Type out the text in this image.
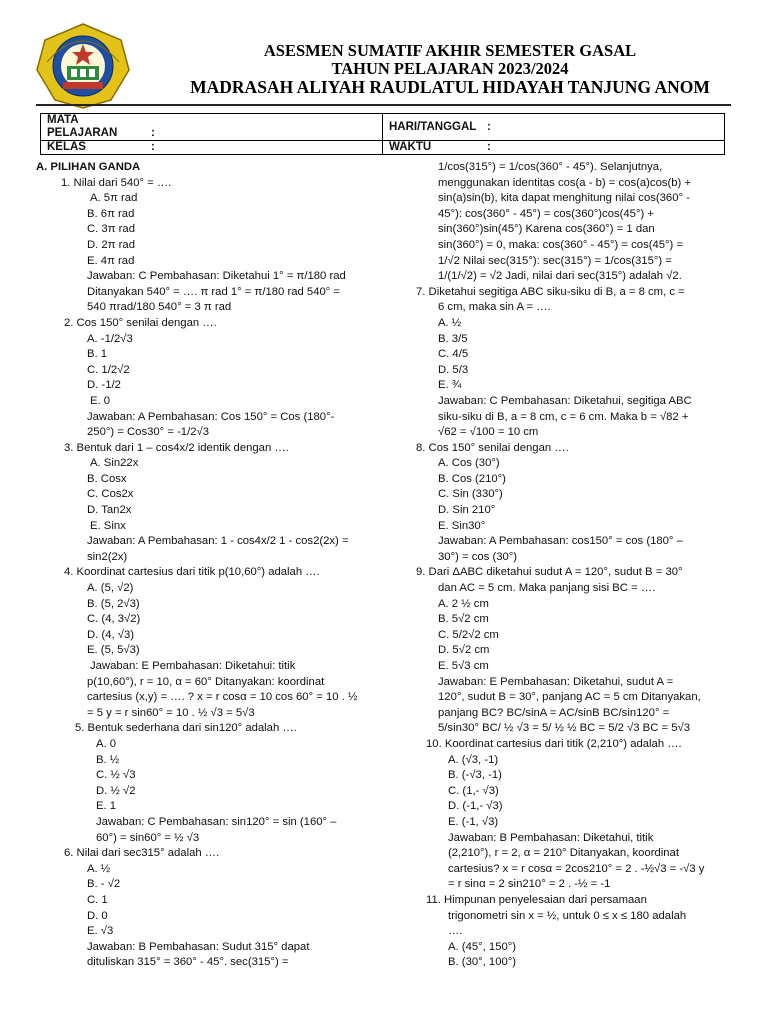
ASESMEN SUMATIF AKHIR SEMESTER GASAL
TAHUN PELAJARAN 2023/2024
MADRASAH ALIYAH RAUDLATUL HIDAYAH TANJUNG ANOM
MATA PELAJARAN :	HARI/TANGGAL :
KELAS :	WAKTU :
A. PILIHAN GANDA
1. Nilai dari 540° = ….
A. 5π rad
B. 6π rad
C. 3π rad
D. 2π rad
E. 4π rad
Jawaban: C Pembahasan: Diketahui 1° = π/180 rad
Ditanyakan 540° = …. π rad 1° = π/180 rad 540° =
540 πrad/180 540° = 3 π rad
2. Cos 150° senilai dengan ….
A. -1/2√3
B. 1
C. 1/2√2
D. -1/2
E. 0
Jawaban: A Pembahasan: Cos 150° = Cos (180°-
250°) = Cos30° = -1/2√3
3. Bentuk dari 1 – cos4x/2 identik dengan ….
A. Sin22x
B. Cosx
C. Cos2x
D. Tan2x
E. Sinx
Jawaban: A Pembahasan: 1 - cos4x/2 1 - cos2(2x) =
sin2(2x)
4. Koordinat cartesius dari titik p(10,60°) adalah ….
A. (5, √2)
B. (5, 2√3)
C. (4, 3√2)
D. (4, √3)
E. (5, 5√3)
Jawaban: E Pembahasan: Diketahui: titik
p(10,60°), r = 10, α = 60° Ditanyakan: koordinat
cartesius (x,y) = …. ? x = r cosα = 10 cos 60° = 10 . ½
= 5 y = r sin60° = 10 . ½ √3 = 5√3
5. Bentuk sederhana dari sin120° adalah ….
A. 0
B. ½
C. ½ √3
D. ½ √2
E. 1
Jawaban: C Pembahasan: sin120° = sin (160° –
60°) = sin60° = ½ √3
6. Nilai dari sec315° adalah ….
A. ½
B. - √2
C. 1
D. 0
E. √3
Jawaban: B Pembahasan: Sudut 315° dapat
dituliskan 315° = 360° - 45°. sec(315°) =
1/cos(315°) = 1/cos(360° - 45°). Selanjutnya,
menggunakan identitas cos(a - b) = cos(a)cos(b) +
sin(a)sin(b), kita dapat menghitung nilai cos(360° -
45°): cos(360° - 45°) = cos(360°)cos(45°) +
sin(360°)sin(45°) Karena cos(360°) = 1 dan
sin(360°) = 0, maka: cos(360° - 45°) = cos(45°) =
1/√2 Nilai sec(315°): sec(315°) = 1/cos(315°) =
1/(1/√2) = √2 Jadi, nilai dari sec(315°) adalah √2.
7. Diketahui segitiga ABC siku-siku di B, a = 8 cm, c =
6 cm, maka sin A = ….
A. ½
B. 3/5
C. 4/5
D. 5/3
E. ¾
Jawaban: C Pembahasan: Diketahui, segitiga ABC
siku-siku di B, a = 8 cm, c = 6 cm. Maka b = √82 +
√62 = √100 = 10 cm
8. Cos 150° senilai dengan ….
A. Cos (30°)
B. Cos (210°)
C. Sin (330°)
D. Sin 210°
E. Sin30°
Jawaban: A Pembahasan: cos150° = cos (180° –
30°) = cos (30°)
9. Dari ΔABC diketahui sudut A = 120°, sudut B = 30°
dan AC = 5 cm. Maka panjang sisi BC = ….
A. 2 ½ cm
B. 5√2 cm
C. 5/2√2 cm
D. 5√2 cm
E. 5√3 cm
Jawaban: E Pembahasan: Diketahui, sudut A =
120°, sudut B = 30°, panjang AC = 5 cm Ditanyakan,
panjang BC? BC/sinA = AC/sinB BC/sin120° =
5/sin30° BC/ ½ √3 = 5/ ½ ½ BC = 5/2 √3 BC = 5√3
10. Koordinat cartesius dari titik (2,210°) adalah ….
A. (√3, -1)
B. (-√3, -1)
C. (1,- √3)
D. (-1,- √3)
E. (-1, √3)
Jawaban: B Pembahasan: Diketahui, titik
(2,210°), r = 2, α = 210° Ditanyakan, koordinat
cartesius? x = r cosα = 2cos210° = 2 . -½√3 = -√3 y
= r sinα = 2 sin210° = 2 . -½ = -1
11. Himpunan penyelesaian dari persamaan
trigonometri sin x = ½, untuk 0 ≤ x ≤ 180 adalah
….
A. (45°, 150°)
B. (30°, 100°)
